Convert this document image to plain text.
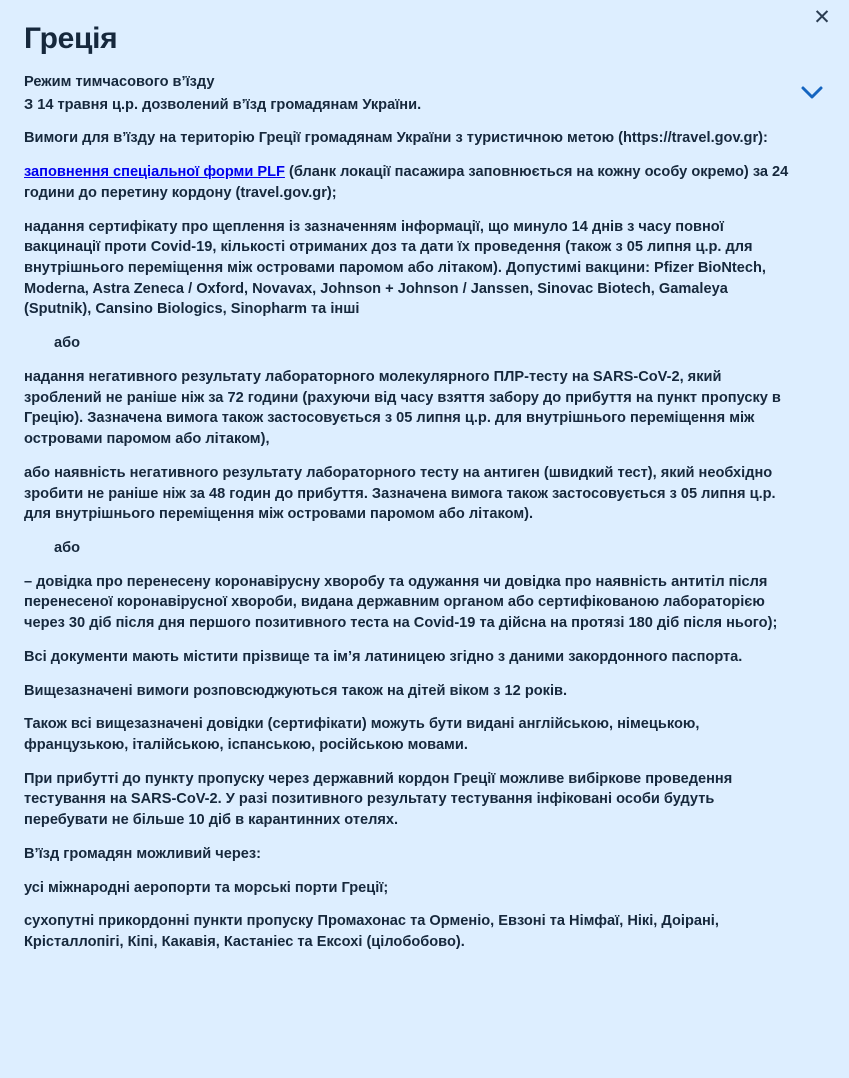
✕
Греція

Режим тимчасового в’їзду

З 14 травня ц.р. дозволений в’їзд громадянам України.

Вимоги для в’їзду на територію Греції громадянам України з туристичною метою (https://travel.gov.gr):

заповнення спеціальної форми PLF (бланк локації пасажира заповнюється на кожну особу окремо) за 24 години до перетину кордону (travel.gov.gr);

надання сертифікату про щеплення із зазначенням інформації, що минуло 14 днів з часу повної вакцинації проти Covid-19, кількості отриманих доз та дати їх проведення (також з 05 липня ц.р. для внутрішнього переміщення між островами паромом або літаком). Допустимі вакцини: Pfizer BioNtech, Moderna, Astra Zeneca / Oxford, Novavax, Johnson + Johnson / Janssen, Sinovac Biotech, Gamaleya (Sputnik), Cansino Biologics, Sinopharm та інші

або

надання негативного результату лабораторного молекулярного ПЛР-тесту на SARS-CoV-2, який зроблений не раніше ніж за 72 години (рахуючи від часу взяття забору до прибуття на пункт пропуску в Грецію). Зазначена вимога також застосовується з 05 липня ц.р. для внутрішнього переміщення між островами паромом або літаком),

або наявність негативного результату лабораторного тесту на антиген (швидкий тест), який необхідно зробити не раніше ніж за 48 годин до прибуття. Зазначена вимога також застосовується з 05 липня ц.р. для внутрішнього переміщення між островами паромом або літаком).

або

– довідка про перенесену коронавірусну хворобу та одужання чи довідка про наявність антитіл після перенесеної коронавірусної хвороби, видана державним органом або сертифікованою лабораторією через 30 діб після дня першого позитивного теста на Covid-19 та дійсна на протязі 180 діб після нього);

Всі документи мають містити прізвище та ім’я латиницею згідно з даними закордонного паспорта.

Вищезазначені вимоги розповсюджуються також на дітей віком з 12 років.

Також всі вищезазначені довідки (сертифікати) можуть бути видані англійською, німецькою, французькою, італійською, іспанською, російською мовами.

При прибутті до пункту пропуску через державний кордон Греції можливе вибіркове проведення тестування на SARS-CoV-2. У разі позитивного результату тестування інфіковані особи будуть перебувати не більше 10 діб в карантинних отелях.

В’їзд громадян можливий через:

усі міжнародні аеропорти та морські порти Греції;

сухопутні прикордонні пункти пропуску Промахонас та Орменіо, Евзоні та Німфаї, Нікі, Доірані, Крісталлопігі, Кіпі, Какавія, Кастаніес та Ексохі (цілобобово).
